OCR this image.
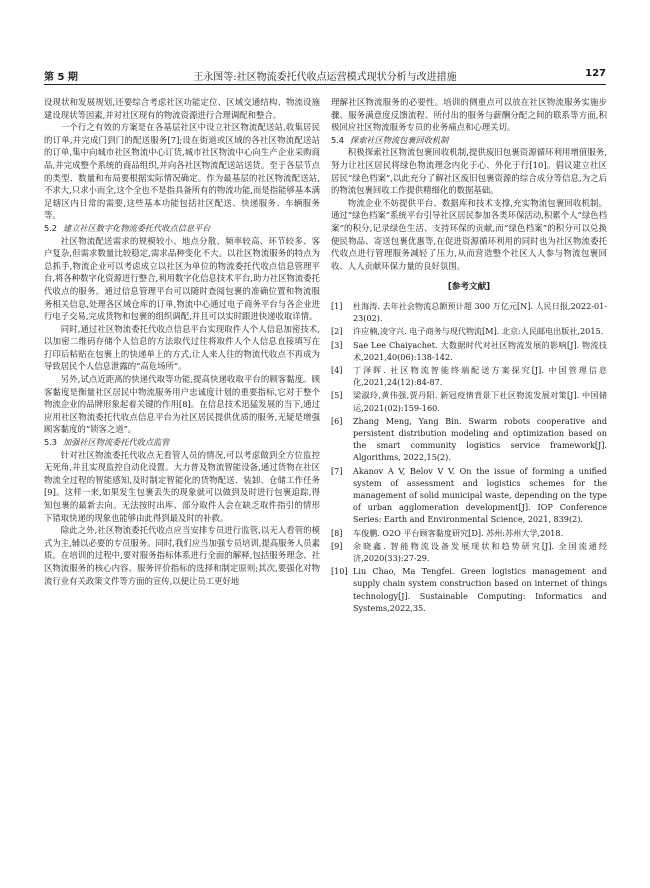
第 5 期	王永图等:社区物流委托代收点运营模式现状分析与改进措施	127

设现状和发展规划,还要综合考虑社区功能定位、区域交通结构、物流设施建设现状等因素,并对社区现有的物流资源进行合理调配和整合。

一个行之有效的方案是在各基层社区中设立社区物流配送站,收集居民的订单,并完成门到门的配送服务[7];设在街道或区域的各社区物流配送站的订单,集中向城市社区物流中心订货,城市社区物流中心向生产企业采购商品,并完成整个系统的商品组织,并向各社区物流配送站送货。至于各层节点的类型、数量和布局要根据实际情况确定。作为最基层的社区物流配送站,不求大,只求小而全,这个全也不是指具备所有的物流功能,而是指能够基本满足辖区内日常的需要,这些基本功能包括社区配送、快递服务、车辆服务等。

5.2 建立社区数字化物流委托代收点信息平台

社区物流配送需求的规模较小、地点分散、频率较高、环节较多、客户复杂,但需求数量比较稳定,需求品种变化不大。以社区物流服务的特点为总抓手,物流企业可以考虑成立以社区为单位的物流委托代收点信息管理平台,将各种数字化资源进行整合,利用数字化信息技术平台,助力社区物流委托代收点的服务。通过信息管理平台可以随时查阅包裹的准确位置和物流服务相关信息,处理各区域仓库的订单,物流中心通过电子商务平台与各企业进行电子交易,完成货物和包裹的组织调配,并且可以实时跟进快递收取详情。

同时,通过社区物流委托代收点信息平台实现取件人个人信息加密技术,以加密二维码存储个人信息的方法取代过往将取件人个人信息直接填写在打印后粘贴在包裹上的快递单上的方式,让人来人往的物流代收点不再成为导致居民个人信息泄露的“高危场所”。

另外,试点近距离的快递代取等功能,提高快递收取平台的顾客黏度。顾客黏度是衡量社区居民中物流服务用户忠诚度计划的重要指标,它对于整个物流企业的品牌形象起着关键的作用[8]。在信息技术迅猛发展的当下,通过应用社区物流委托代收点信息平台为社区居民提供优质的服务,无疑是增强顾客黏度的“锁客之道”。

5.3 加强社区物流委托代收点监管

针对社区物流委托代收点无看管人员的情况,可以考虑做到全方位监控无死角,并且实现监控自动化设置。大力普及物流智能设备,通过货物在社区物流全过程的智能感知,及时制定智能化的货物配送、装卸、仓储工作任务[9]。这样一来,如果发生包裹丢失的现象就可以做到及时进行包裹追踪,得知包裹的最新去向。无法按时出库、部分取件人会在缺乏取件指引的情形下错取快递的现象也能够由此得到最及时的补救。

除此之外,社区物流委托代收点应当安排专员进行监管,以无人看管的模式为主,辅以必要的专员服务。同时,我们应当加强专员培训,提高服务人员素质。在培训的过程中,要对服务指标体系进行全面的解释,包括服务理念、社区物流服务的核心内容、服务评价指标的选择和制定原则;其次,要强化对物流行业有关政策文件等方面的宣传,以便让员工更好地

理解社区物流服务的必要性。培训的侧重点可以放在社区物流服务实施步骤、服务满意度反馈流程、所付出的服务与薪酬分配之间的联系等方面,积极回应社区物流服务专员的业务痛点和心理关切。

5.4 探索社区物流包裹回收机制

积极探索社区物流包裹回收机制,提供废旧包裹资源循环利用增值服务,努力让社区居民将绿色物流理念内化于心、外化于行[10]。倡议建立社区居民“绿色档案”,以此充分了解社区废旧包裹资源的综合成分等信息,为之后的物流包裹回收工作提供精细化的数据基础。

物流企业不妨提供平台、数据库和技术支撑,充实物流包裹回收机制。通过“绿色档案”系统平台引导社区居民参加各类环保活动,积累个人“绿色档案”的积分,记录绿色生活、支持环保的贡献,而“绿色档案”的积分可以兑换便民物品、寄送包裹优惠等,在促进资源循环利用的同时也为社区物流委托代收点进行管理服务减轻了压力,从而营造整个社区人人参与物流包裹回收、人人贡献环保力量的良好氛围。

[参考文献]
[1]	杜海涛. 去年社会物流总额预计超 300 万亿元[N]. 人民日报,2022-01-23(02).
[2]	许应楠,凌守兴. 电子商务与现代物流[M]. 北京:人民邮电出版社,2015.
[3]	Sae Lee Chaiyachet. 大数据时代对社区物流发展的影响[J]. 物流技术,2021,40(06):138-142.
[4]	丁泽晖. 社区物流智能终端配送方案探究[J]. 中国管理信息化,2021,24(12):84-87.
[5]	梁淑玲,黄伟强,贾丹阳. 新冠疫情背景下社区物流发展对策[J]. 中国储运,2021(02):159-160.
[6]	Zhang Meng, Yang Bin. Swarm robots cooperative and persistent distribution modeling and optimization based on the smart community logistics service framework[J]. Algorithms, 2022,15(2).
[7]	Akanov A V, Belov V V. On the issue of forming a unified system of assessment and logistics schemes for the management of solid municipal waste, depending on the type of urban agglomeration development[J]. IOP Conference Series: Earth and Environmental Science, 2021, 839(2).
[8]	车俊鹏. O2O 平台顾客黏度研究[D]. 苏州:苏州大学,2018.
[9]	余晓鑫. 智能物流设备发展现状和趋势研究[J]. 全国流通经济,2020(33):27-29.
[10] Liu Chao, Ma Tengfei. Green logistics management and supply chain system construction based on internet of things technology[J]. Sustainable Computing: Informatics and Systems,2022,35.
